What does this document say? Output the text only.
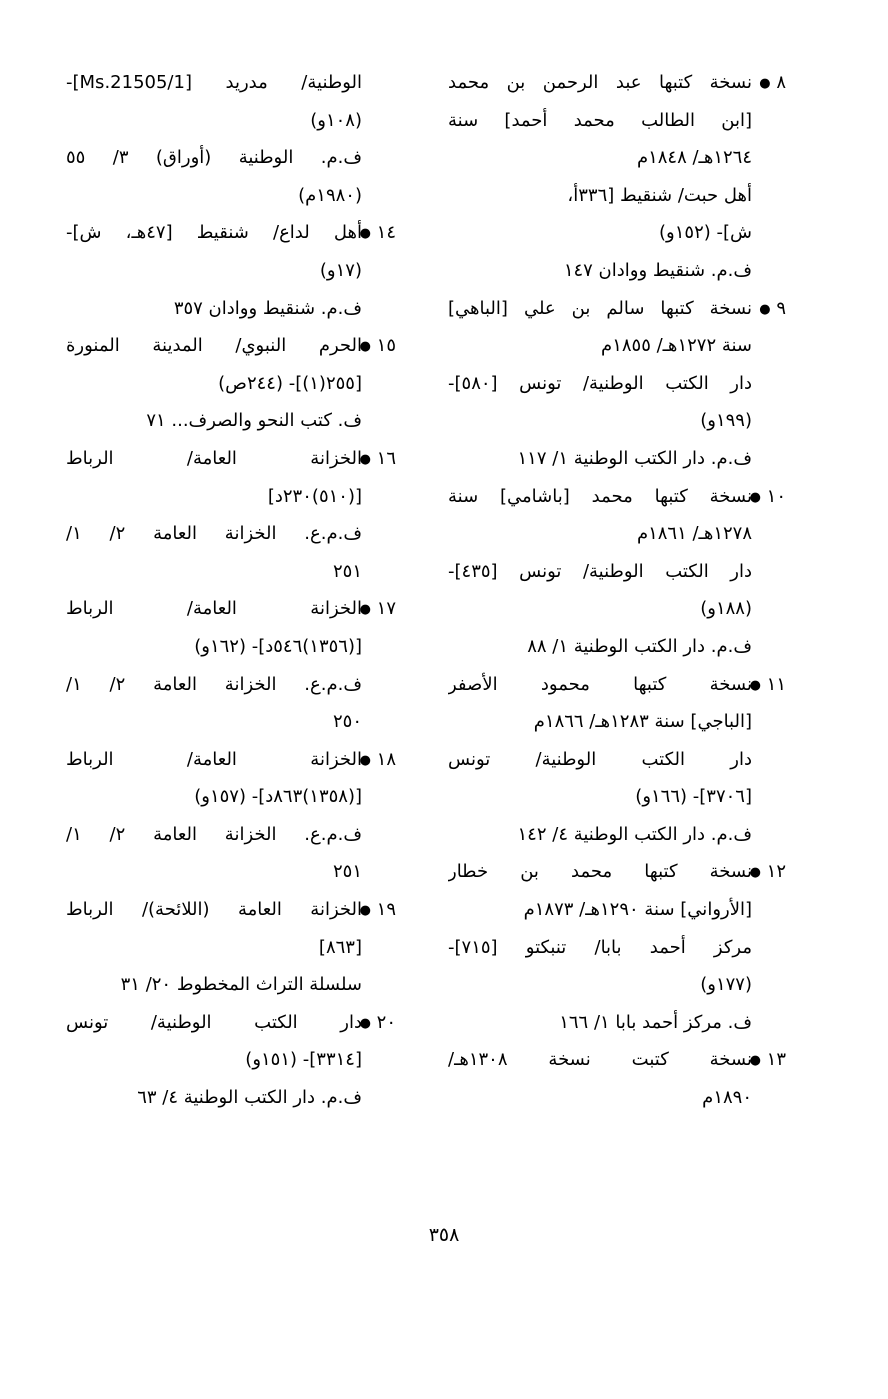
٨ ●
نسخة كتبها عبد الرحمن بن محمد
[ابن الطالب محمد أحمد] سنة
١٢٦٤هـ/ ١٨٤٨م
أهل حبت/ شنقيط [٣٣٦أ،
ش]- (١٥٢و)
ف.م. شنقيط ووادان ١٤٧
٩ ●
نسخة كتبها سالم بن علي [الباهي]
سنة ١٢٧٢هـ/ ١٨٥٥م
دار الكتب الوطنية/ تونس [٥٨٠]-
(١٩٩و)
ف.م. دار الكتب الوطنية ١/ ١١٧
١٠ ●
نسخة كتبها محمد [باشامي] سنة
١٢٧٨هـ/ ١٨٦١م
دار الكتب الوطنية/ تونس [٤٣٥]-
(١٨٨و)
ف.م. دار الكتب الوطنية ١/ ٨٨
١١ ●
نسخة كتبها محمود الأصفر
[الباجي] سنة ١٢٨٣هـ/ ١٨٦٦م
دار الكتب الوطنية/ تونس
[٣٧٠٦]- (١٦٦و)
ف.م. دار الكتب الوطنية ٤/ ١٤٢
١٢ ●
نسخة كتبها محمد بن خطار
[الأرواني] سنة ١٢٩٠هـ/ ١٨٧٣م
مركز أحمد بابا/ تنبكتو [٧١٥]-
(١٧٧و)
ف. مركز أحمد بابا ١/ ١٦٦
١٣ ●
نسخة كتبت نسخة ١٣٠٨هـ/
١٨٩٠م
الوطنية/ مدريد [Ms.21505/1]-
(١٠٨و)
ف.م. الوطنية (أوراق) ٣/ ٥٥
(١٩٨٠م)
١٤ ●
أهل لداع/ شنقيط [٤٧هـ، ش]-
(١٧و)
ف.م. شنقيط ووادان ٣٥٧
١٥ ●
الحرم النبوي/ المدينة المنورة
[٢٥٥(١)]- (٢٤٤ص)
ف. كتب النحو والصرف... ٧١
١٦ ●
الخزانة العامة/ الرباط
[(٥١٠)٢٣٠د]
ف.م.ع. الخزانة العامة ٢/ ١/
٢٥١
١٧ ●
الخزانة العامة/ الرباط
[(١٣٥٦)٥٤٦د]- (١٦٢و)
ف.م.ع. الخزانة العامة ٢/ ١/
٢٥٠
١٨ ●
الخزانة العامة/ الرباط
[(١٣٥٨)٨٦٣د]- (١٥٧و)
ف.م.ع. الخزانة العامة ٢/ ١/
٢٥١
١٩ ●
الخزانة العامة (اللائحة)/ الرباط
[٨٦٣]
سلسلة التراث المخطوط ٢٠/ ٣١
٢٠ ●
دار الكتب الوطنية/ تونس
[٣٣١٤]- (١٥١و)
ف.م. دار الكتب الوطنية ٤/ ٦٣
٣٥٨
